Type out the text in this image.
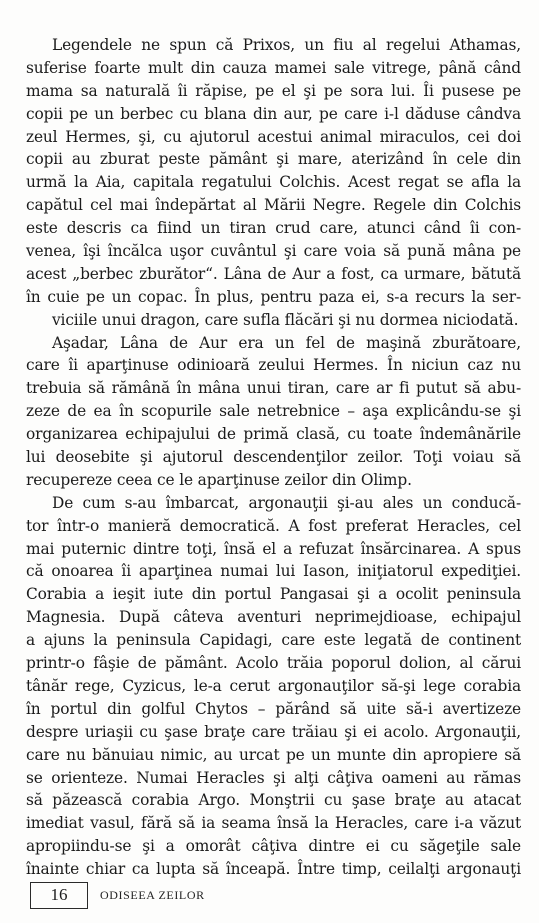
Legendele ne spun că Prixos, un fiu al regelui Athamas,
suferise foarte mult din cauza mamei sale vitrege, până când
mama sa naturală îi răpise, pe el şi pe sora lui. Îi pusese pe
copii pe un berbec cu blana din aur, pe care i-l dăduse cândva
zeul Hermes, şi, cu ajutorul acestui animal miraculos, cei doi
copii au zburat peste pământ şi mare, aterizând în cele din
urmă la Aia, capitala regatului Colchis. Acest regat se afla la
capătul cel mai îndepărtat al Mării Negre. Regele din Colchis
este descris ca fiind un tiran crud care, atunci când îi con-
venea, îşi încălca uşor cuvântul şi care voia să pună mâna pe
acest „berbec zburător“. Lâna de Aur a fost, ca urmare, bătută
în cuie pe un copac. În plus, pentru paza ei, s-a recurs la ser-
viciile unui dragon, care sufla flăcări şi nu dormea niciodată.
Aşadar, Lâna de Aur era un fel de maşină zburătoare,
care îi aparţinuse odinioară zeului Hermes. În niciun caz nu
trebuia să rămână în mâna unui tiran, care ar fi putut să abu-
zeze de ea în scopurile sale netrebnice – aşa explicându-se şi
organizarea echipajului de primă clasă, cu toate îndemânările
lui deosebite şi ajutorul descendenţilor zeilor. Toţi voiau să
recupereze ceea ce le aparţinuse zeilor din Olimp.
De cum s-au îmbarcat, argonauţii şi-au ales un conducă-
tor într-o manieră democratică. A fost preferat Heracles, cel
mai puternic dintre toţi, însă el a refuzat însărcinarea. A spus
că onoarea îi aparţinea numai lui Iason, iniţiatorul expediţiei.
Corabia a ieşit iute din portul Pangasai şi a ocolit peninsula
Magnesia. După câteva aventuri neprimejdioase, echipajul
a ajuns la peninsula Capidagi, care este legată de continent
printr-o fâşie de pământ. Acolo trăia poporul dolion, al cărui
tânăr rege, Cyzicus, le-a cerut argonauţilor să-şi lege corabia
în portul din golful Chytos – părând să uite să-i avertizeze
despre uriaşii cu şase braţe care trăiau şi ei acolo. Argonauţii,
care nu bănuiau nimic, au urcat pe un munte din apropiere să
se orienteze. Numai Heracles şi alţi câţiva oameni au rămas
să păzească corabia Argo. Monştrii cu şase braţe au atacat
imediat vasul, fără să ia seama însă la Heracles, care i-a văzut
apropiindu-se şi a omorât câţiva dintre ei cu săgeţile sale
înainte chiar ca lupta să înceapă. Între timp, ceilalţi argonauţi
16	ODISEEA ZEILOR
